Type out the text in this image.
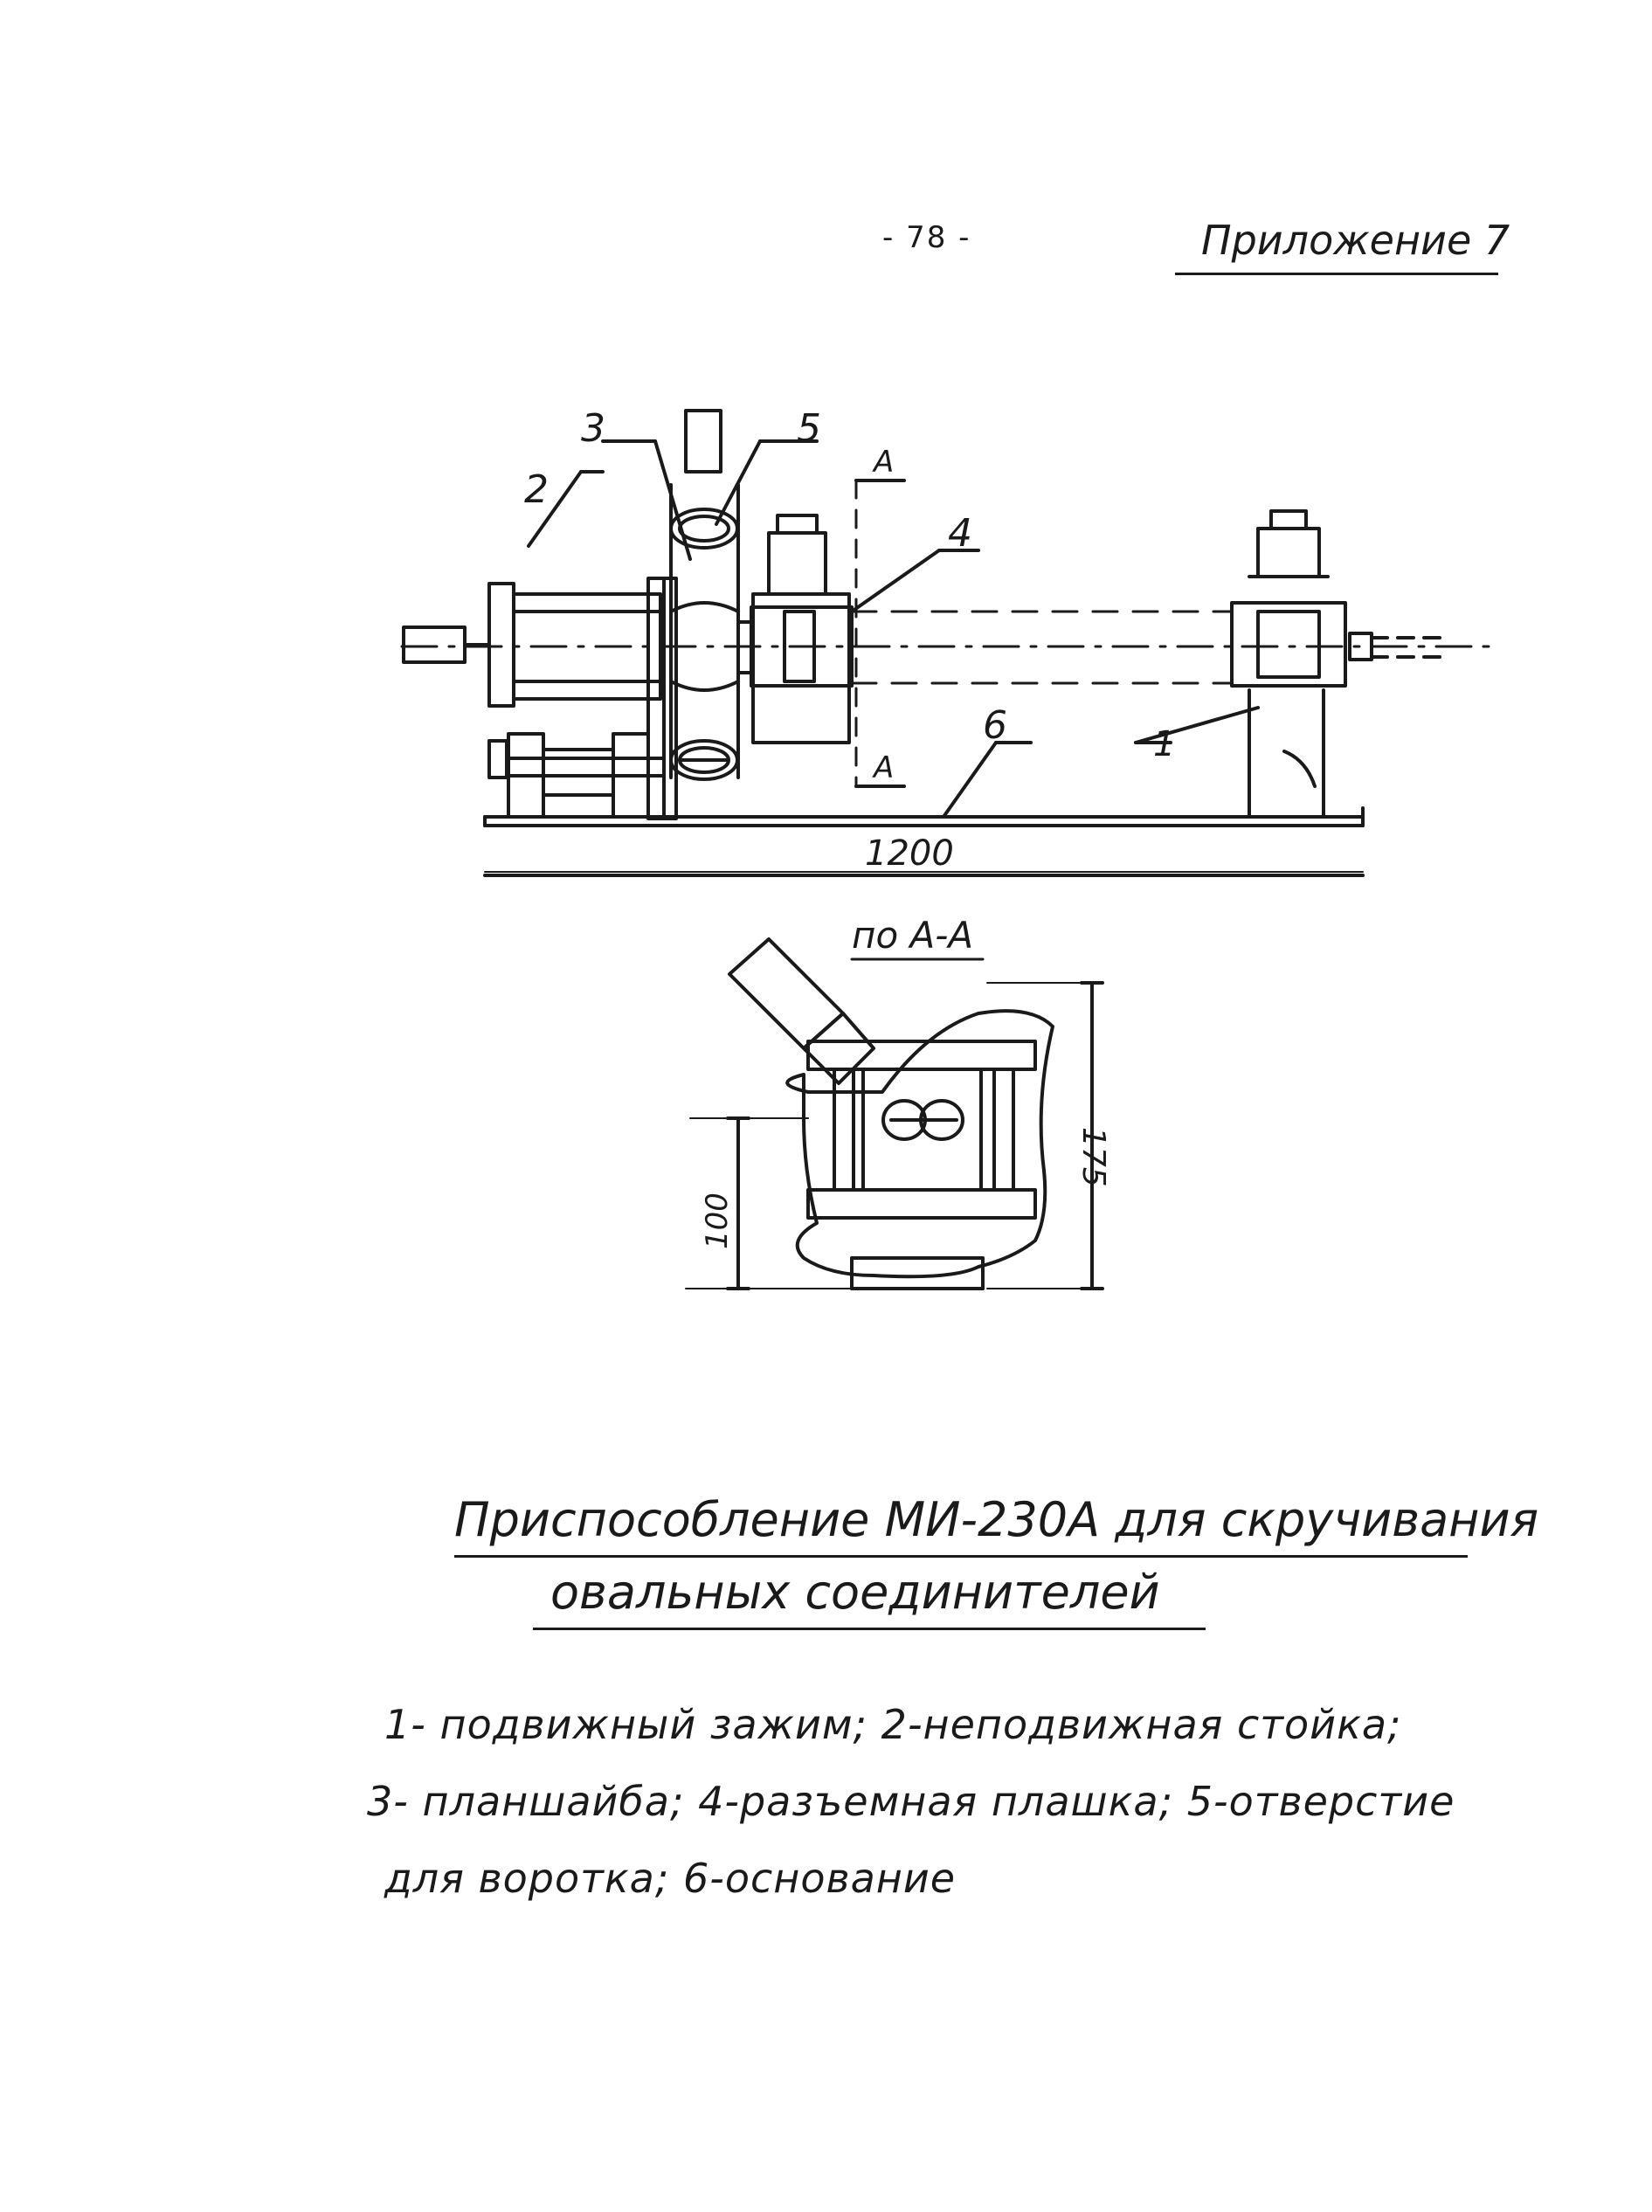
- 78 -	Приложение 7
1
2
3
4
5
6
A
A
1200
по А-А
175
100
Приспособление МИ-230А для скручивания
овальных соединителей
1- подвижный зажим; 2-неподвижная стойка;
3- планшайба; 4-разъемная плашка; 5-отверстие
для воротка; 6-основание
